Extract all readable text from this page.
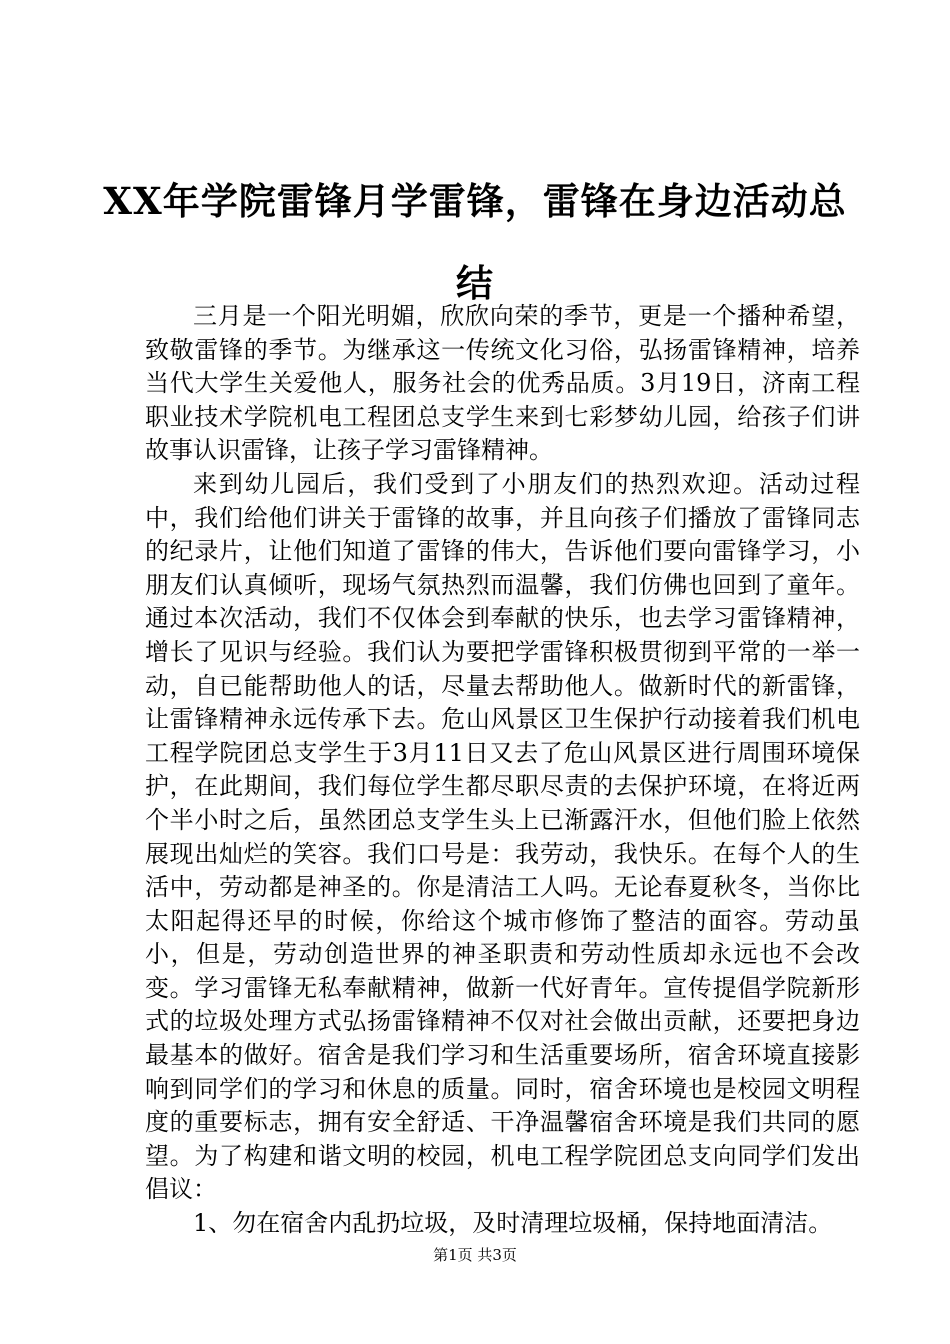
XX年学院雷锋月学雷锋，雷锋在身边活动总
结

三月是一个阳光明媚，欣欣向荣的季节，更是一个播种希望，致敬雷锋的季节。为继承这一传统文化习俗，弘扬雷锋精神，培养当代大学生关爱他人，服务社会的优秀品质。3月19日，济南工程职业技术学院机电工程团总支学生来到七彩梦幼儿园，给孩子们讲故事认识雷锋，让孩子学习雷锋精神。

来到幼儿园后，我们受到了小朋友们的热烈欢迎。活动过程中，我们给他们讲关于雷锋的故事，并且向孩子们播放了雷锋同志的纪录片，让他们知道了雷锋的伟大，告诉他们要向雷锋学习，小朋友们认真倾听，现场气氛热烈而温馨，我们仿佛也回到了童年。通过本次活动，我们不仅体会到奉献的快乐，也去学习雷锋精神，增长了见识与经验。我们认为要把学雷锋积极贯彻到平常的一举一动，自已能帮助他人的话，尽量去帮助他人。做新时代的新雷锋，让雷锋精神永远传承下去。危山风景区卫生保护行动接着我们机电工程学院团总支学生于3月11日又去了危山风景区进行周围环境保护，在此期间，我们每位学生都尽职尽责的去保护环境，在将近两个半小时之后，虽然团总支学生头上已渐露汗水，但他们脸上依然展现出灿烂的笑容。我们口号是：我劳动，我快乐。在每个人的生活中，劳动都是神圣的。你是清洁工人吗。无论春夏秋冬，当你比太阳起得还早的时候，你给这个城市修饰了整洁的面容。劳动虽小，但是，劳动创造世界的神圣职责和劳动性质却永远也不会改变。学习雷锋无私奉献精神，做新一代好青年。宣传提倡学院新形式的垃圾处理方式弘扬雷锋精神不仅对社会做出贡献，还要把身边最基本的做好。宿舍是我们学习和生活重要场所，宿舍环境直接影响到同学们的学习和休息的质量。同时，宿舍环境也是校园文明程度的重要标志，拥有安全舒适、干净温馨宿舍环境是我们共同的愿望。为了构建和谐文明的校园，机电工程学院团总支向同学们发出倡议：

1、勿在宿舍内乱扔垃圾，及时清理垃圾桶，保持地面清洁。

第1页 共3页
